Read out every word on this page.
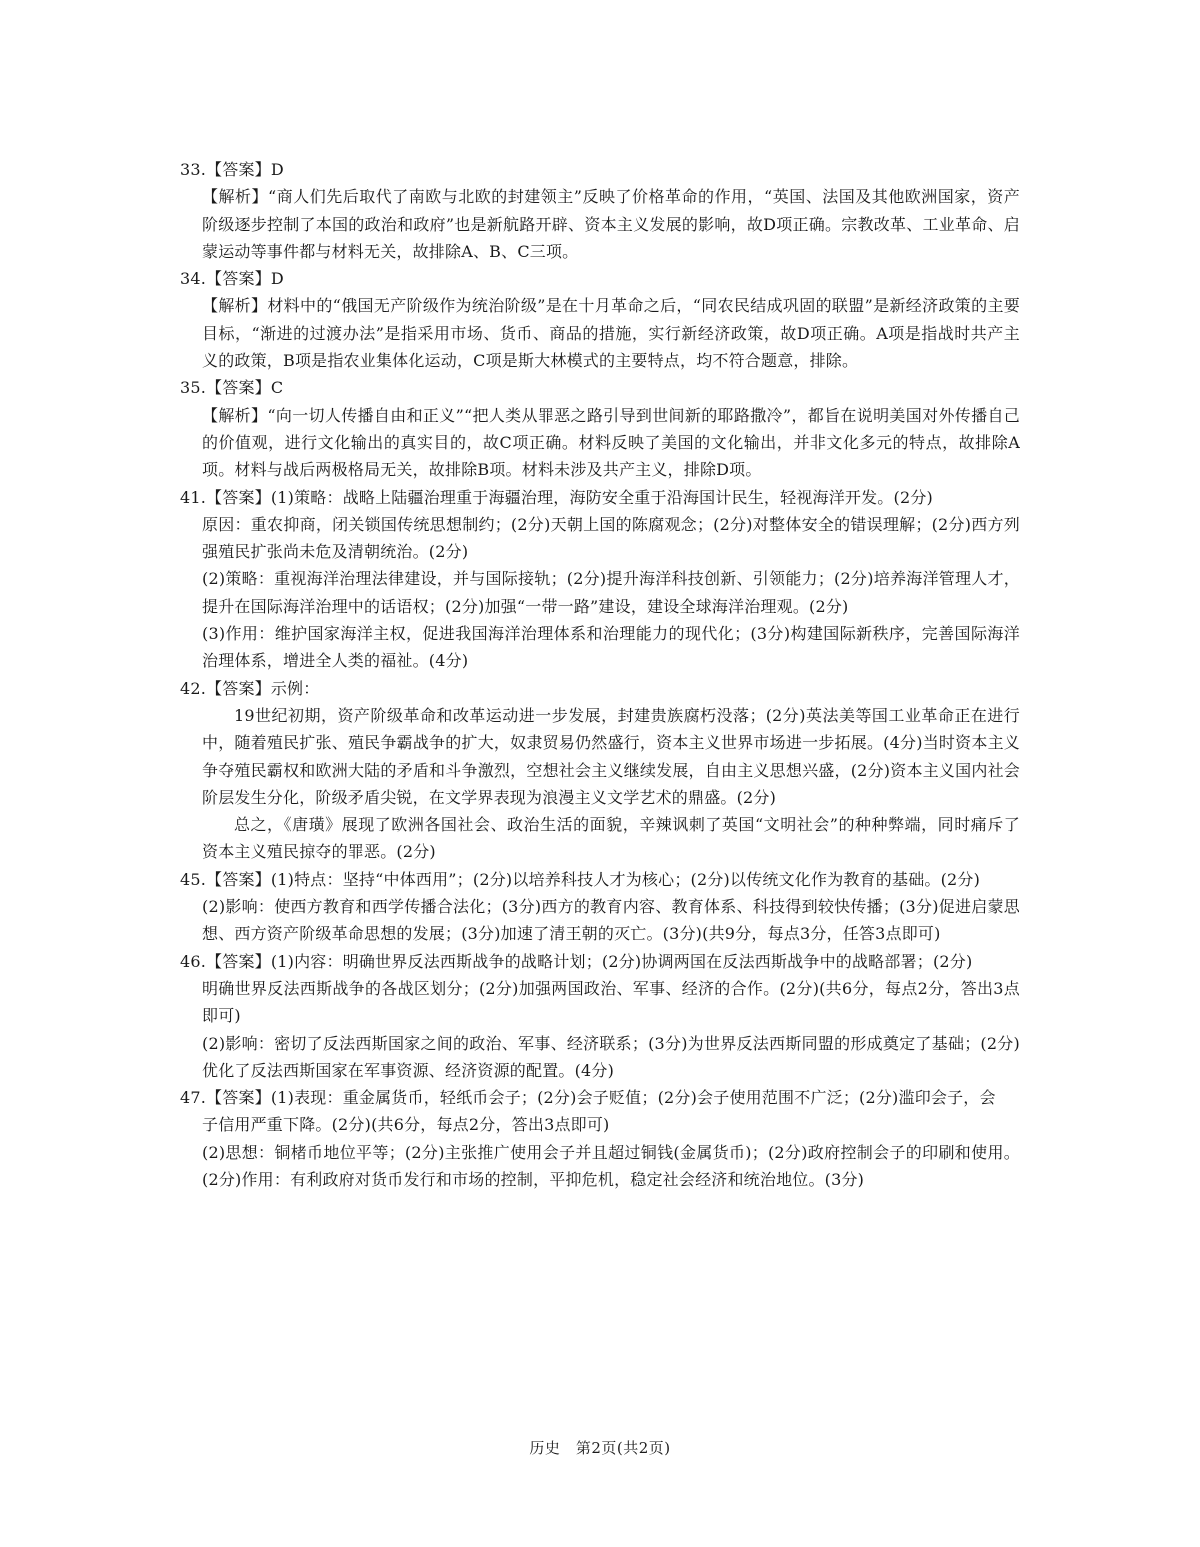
33.【答案】D

【解析】“商人们先后取代了南欧与北欧的封建领主”反映了价格革命的作用，“英国、法国及其他欧洲国家，资产阶级逐步控制了本国的政治和政府”也是新航路开辟、资本主义发展的影响，故D项正确。宗教改革、工业革命、启蒙运动等事件都与材料无关，故排除A、B、C三项。

34.【答案】D

【解析】材料中的“俄国无产阶级作为统治阶级”是在十月革命之后，“同农民结成巩固的联盟”是新经济政策的主要目标，“渐进的过渡办法”是指采用市场、货币、商品的措施，实行新经济政策，故D项正确。A项是指战时共产主义的政策，B项是指农业集体化运动，C项是斯大林模式的主要特点，均不符合题意，排除。

35.【答案】C

【解析】“向一切人传播自由和正义”“把人类从罪恶之路引导到世间新的耶路撒冷”，都旨在说明美国对外传播自己的价值观，进行文化输出的真实目的，故C项正确。材料反映了美国的文化输出，并非文化多元的特点，故排除A项。材料与战后两极格局无关，故排除B项。材料未涉及共产主义，排除D项。

41.【答案】(1)策略：战略上陆疆治理重于海疆治理，海防安全重于沿海国计民生，轻视海洋开发。(2分)

原因：重农抑商，闭关锁国传统思想制约；(2分)天朝上国的陈腐观念；(2分)对整体安全的错误理解；(2分)西方列强殖民扩张尚未危及清朝统治。(2分)

(2)策略：重视海洋治理法律建设，并与国际接轨；(2分)提升海洋科技创新、引领能力；(2分)培养海洋管理人才，提升在国际海洋治理中的话语权；(2分)加强“一带一路”建设，建设全球海洋治理观。(2分)

(3)作用：维护国家海洋主权，促进我国海洋治理体系和治理能力的现代化；(3分)构建国际新秩序，完善国际海洋治理体系，增进全人类的福祉。(4分)

42.【答案】示例：

19世纪初期，资产阶级革命和改革运动进一步发展，封建贵族腐朽没落；(2分)英法美等国工业革命正在进行中，随着殖民扩张、殖民争霸战争的扩大，奴隶贸易仍然盛行，资本主义世界市场进一步拓展。(4分)当时资本主义争夺殖民霸权和欧洲大陆的矛盾和斗争激烈，空想社会主义继续发展，自由主义思想兴盛，(2分)资本主义国内社会阶层发生分化，阶级矛盾尖锐，在文学界表现为浪漫主义文学艺术的鼎盛。(2分)

总之，《唐璜》展现了欧洲各国社会、政治生活的面貌，辛辣讽刺了英国“文明社会”的种种弊端，同时痛斥了资本主义殖民掠夺的罪恶。(2分)

45.【答案】(1)特点：坚持“中体西用”；(2分)以培养科技人才为核心；(2分)以传统文化作为教育的基础。(2分)

(2)影响：使西方教育和西学传播合法化；(3分)西方的教育内容、教育体系、科技得到较快传播；(3分)促进启蒙思想、西方资产阶级革命思想的发展；(3分)加速了清王朝的灭亡。(3分)(共9分，每点3分，任答3点即可)

46.【答案】(1)内容：明确世界反法西斯战争的战略计划；(2分)协调两国在反法西斯战争中的战略部署；(2分)

明确世界反法西斯战争的各战区划分；(2分)加强两国政治、军事、经济的合作。(2分)(共6分，每点2分，答出3点即可)

(2)影响：密切了反法西斯国家之间的政治、军事、经济联系；(3分)为世界反法西斯同盟的形成奠定了基础；(2分)优化了反法西斯国家在军事资源、经济资源的配置。(4分)

47.【答案】(1)表现：重金属货币，轻纸币会子；(2分)会子贬值；(2分)会子使用范围不广泛；(2分)滥印会子，会

子信用严重下降。(2分)(共6分，每点2分，答出3点即可)

(2)思想：铜楮币地位平等；(2分)主张推广使用会子并且超过铜钱(金属货币)；(2分)政府控制会子的印刷和使用。(2分)作用：有利政府对货币发行和市场的控制，平抑危机，稳定社会经济和统治地位。(3分)

历史　第2页(共2页)
